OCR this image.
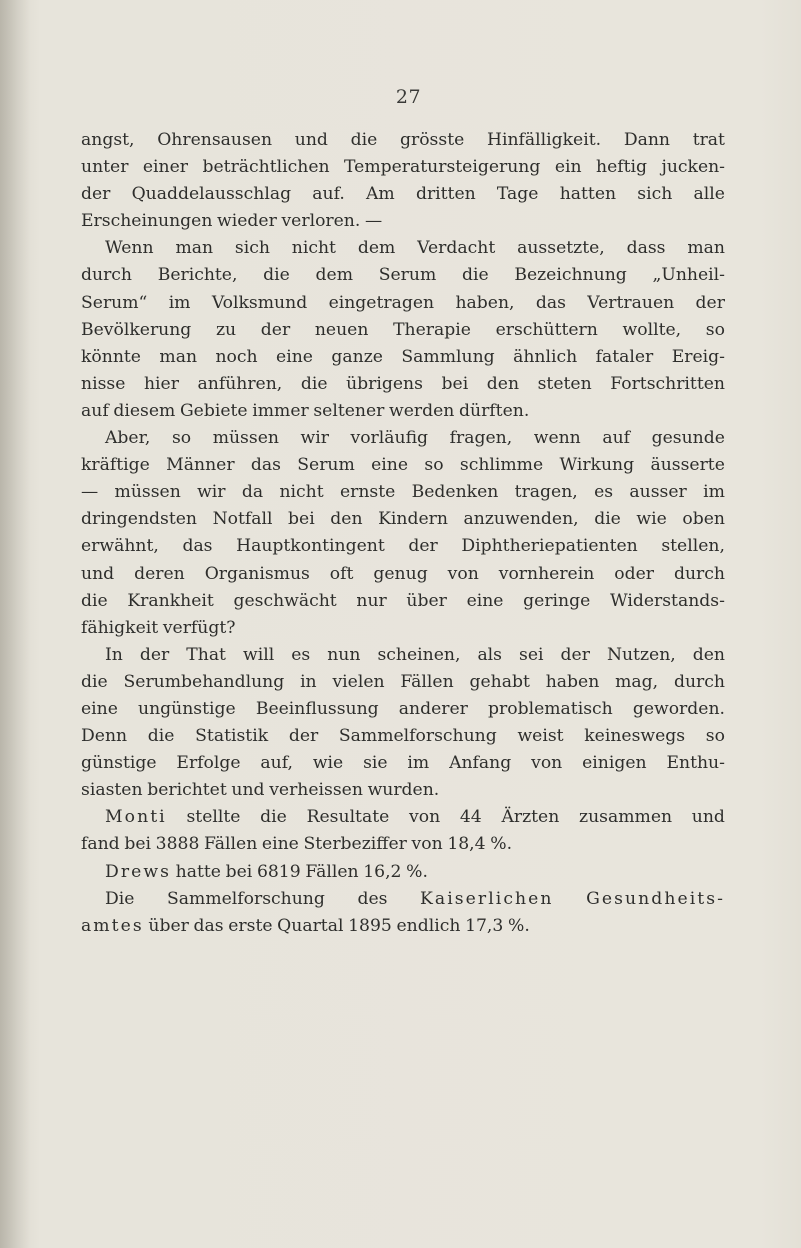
27
angst, Ohrensausen und die grösste Hinfälligkeit. Dann trat
unter einer beträchtlichen Temperatursteigerung ein heftig jucken-
der Quaddelausschlag auf. Am dritten Tage hatten sich alle
Erscheinungen wieder verloren. —
Wenn man sich nicht dem Verdacht aussetzte, dass man
durch Berichte, die dem Serum die Bezeichnung „Unheil-
Serum“ im Volksmund eingetragen haben, das Vertrauen der
Bevölkerung zu der neuen Therapie erschüttern wollte, so
könnte man noch eine ganze Sammlung ähnlich fataler Ereig-
nisse hier anführen, die übrigens bei den steten Fortschritten
auf diesem Gebiete immer seltener werden dürften.
Aber, so müssen wir vorläufig fragen, wenn auf gesunde
kräftige Männer das Serum eine so schlimme Wirkung äusserte
— müssen wir da nicht ernste Bedenken tragen, es ausser im
dringendsten Notfall bei den Kindern anzuwenden, die wie oben
erwähnt, das Hauptkontingent der Diphtheriepatienten stellen,
und deren Organismus oft genug von vornherein oder durch
die Krankheit geschwächt nur über eine geringe Widerstands-
fähigkeit verfügt?
In der That will es nun scheinen, als sei der Nutzen, den
die Serumbehandlung in vielen Fällen gehabt haben mag, durch
eine ungünstige Beeinflussung anderer problematisch geworden.
Denn die Statistik der Sammelforschung weist keineswegs so
günstige Erfolge auf, wie sie im Anfang von einigen Enthu-
siasten berichtet und verheissen wurden.
Monti stellte die Resultate von 44 Ärzten zusammen und
fand bei 3888 Fällen eine Sterbeziffer von 18,4 %.
Drews hatte bei 6819 Fällen 16,2 %.
Die Sammelforschung des Kaiserlichen Gesundheits-
amtes über das erste Quartal 1895 endlich 17,3 %.
